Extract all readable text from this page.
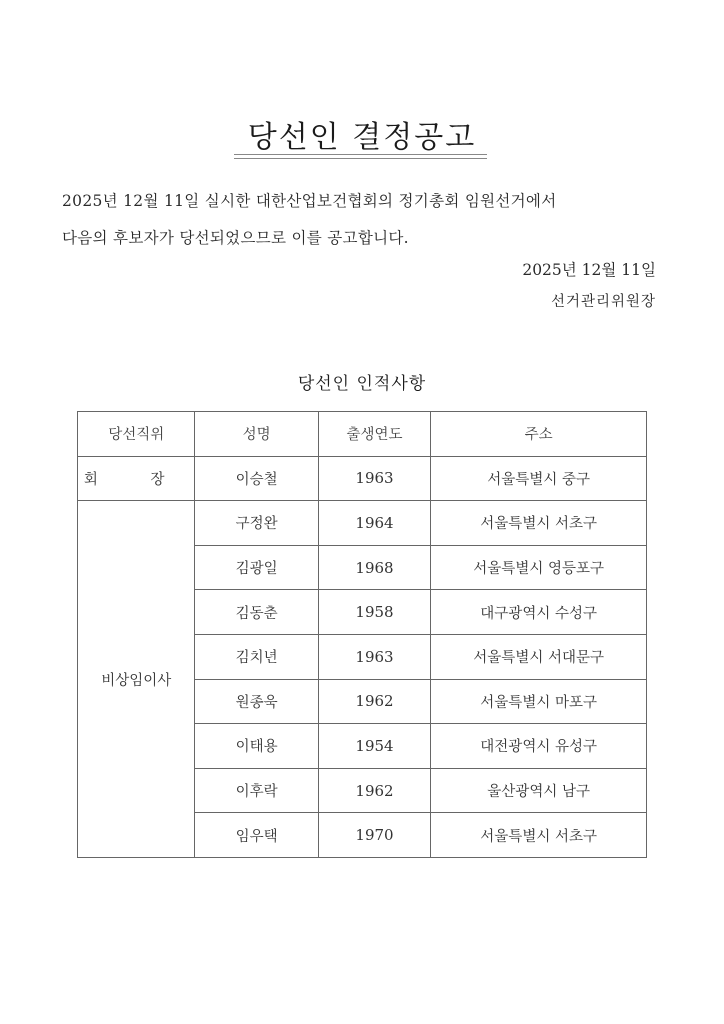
당선인 결정공고
2025년 12월 11일 실시한 대한산업보건협회의 정기총회 임원선거에서
다음의 후보자가 당선되었으므로 이를 공고합니다.
2025년 12월 11일
선거관리위원장
당선인 인적사항
당선직위	성명	출생연도	주소
회 장	이승철	1963	서울특별시 중구
비상임이사	구정완	1964	서울특별시 서초구
	김광일	1968	서울특별시 영등포구
	김동춘	1958	대구광역시 수성구
	김치년	1963	서울특별시 서대문구
	원종욱	1962	서울특별시 마포구
	이태용	1954	대전광역시 유성구
	이후락	1962	울산광역시 남구
	임우택	1970	서울특별시 서초구
